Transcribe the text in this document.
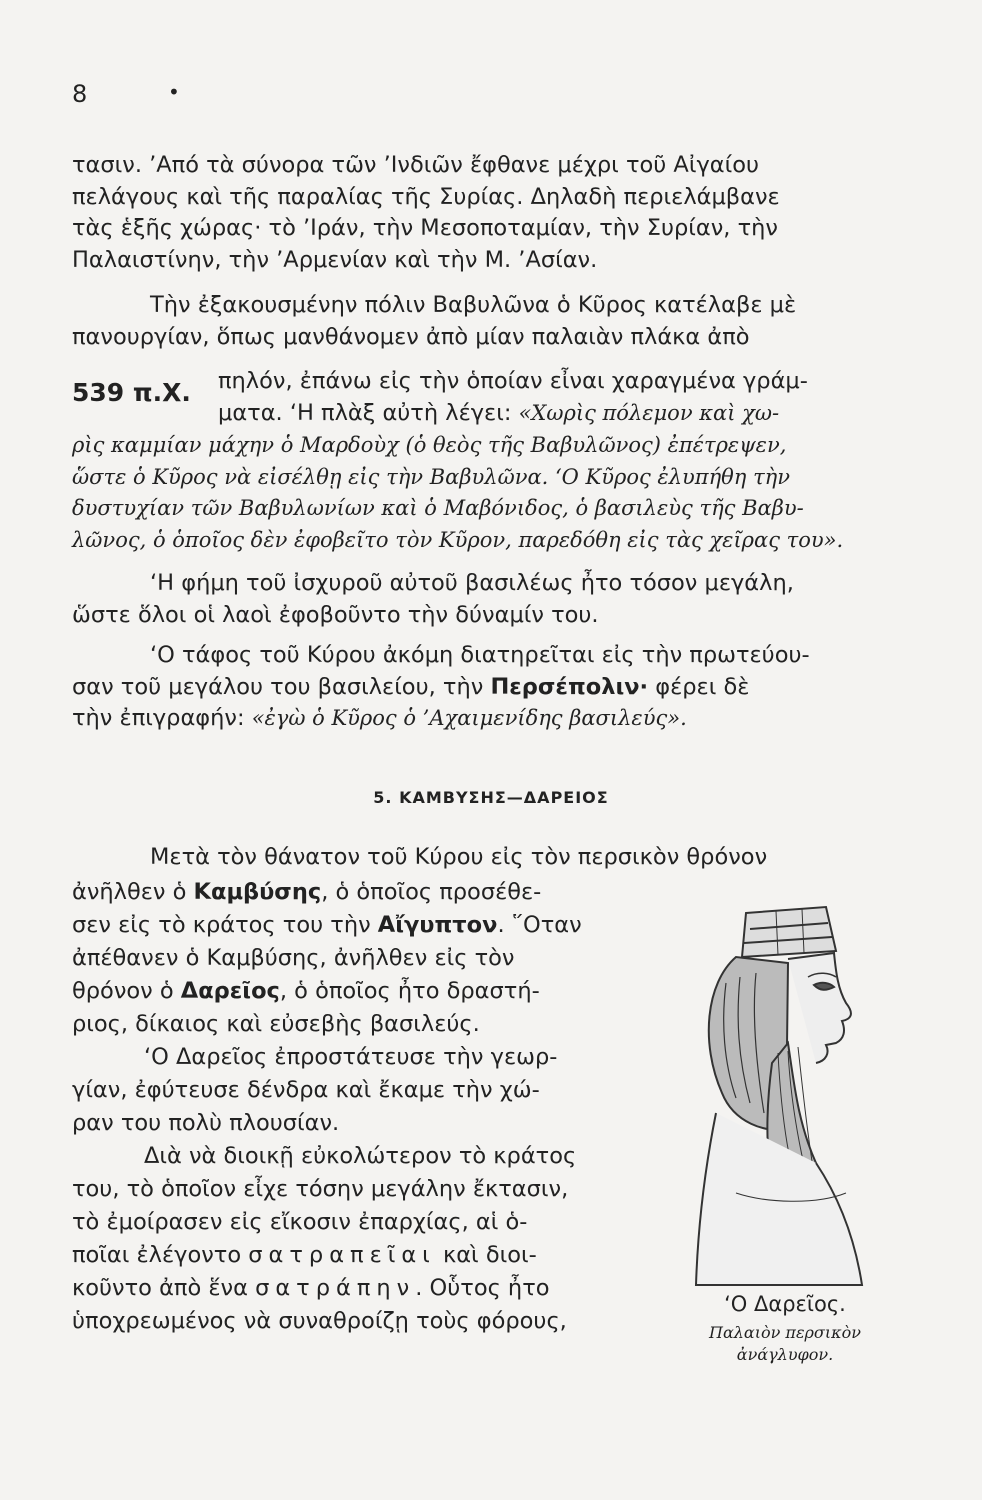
8	•
τασιν. ’Από τὰ σύνορα τῶν ’Ινδιῶν ἔφθανε μέχρι τοῦ Αἰγαίου
πελάγους καὶ τῆς παραλίας τῆς Συρίας. Δηλαδὴ περιελάμβανε
τὰς ἑξῆς χώρας· τὸ ’Ιράν, τὴν Μεσοποταμίαν, τὴν Συρίαν, τὴν
Παλαιστίνην, τὴν ’Αρμενίαν καὶ τὴν Μ. ’Ασίαν.
Τὴν ἐξακουσμένην πόλιν Βαβυλῶνα ὁ Κῦρος κατέλαβε μὲ
πανουργίαν, ὅπως μανθάνομεν ἀπὸ μίαν παλαιὰν πλάκα ἀπὸ
539 π.Χ. πηλόν, ἐπάνω εἰς τὴν ὁποίαν εἶναι χαραγμένα γράμ-
ματα. ‘Η πλὰξ αὐτὴ λέγει: «Χωρὶς πόλεμον καὶ χω-
ρὶς καμμίαν μάχην ὁ Μαρδοὺχ (ὁ θεὸς τῆς Βαβυλῶνος) ἐπέτρεψεν,
ὥστε ὁ Κῦρος νὰ εἰσέλθῃ εἰς τὴν Βαβυλῶνα. ‘Ο Κῦρος ἐλυπήθη τὴν
δυστυχίαν τῶν Βαβυλωνίων καὶ ὁ Μαβόνιδος, ὁ βασιλεὺς τῆς Βαβυ-
λῶνος, ὁ ὁποῖος δὲν ἐφοβεῖτο τὸν Κῦρον, παρεδόθη εἰς τὰς χεῖρας του».
‘Η φήμη τοῦ ἰσχυροῦ αὐτοῦ βασιλέως ἦτο τόσον μεγάλη,
ὥστε ὅλοι οἱ λαοὶ ἐφοβοῦντο τὴν δύναμίν του.
‘Ο τάφος τοῦ Κύρου ἀκόμη διατηρεῖται εἰς τὴν πρωτεύου-
σαν τοῦ μεγάλου του βασιλείου, τὴν Περσέπολιν· φέρει δὲ
τὴν ἐπιγραφήν: «ἐγὼ ὁ Κῦρος ὁ ’Αχαιμενίδης βασιλεύς».
5. ΚΑΜΒΥΣΗΣ—ΔΑΡΕΙΟΣ
Μετὰ τὸν θάνατον τοῦ Κύρου εἰς τὸν περσικὸν θρόνον
ἀνῆλθεν ὁ Καμβύσης, ὁ ὁποῖος προσέθε-
σεν εἰς τὸ κράτος του τὴν Αἴγυπτον. ῞Οταν
ἀπέθανεν ὁ Καμβύσης, ἀνῆλθεν εἰς τὸν
θρόνον ὁ Δαρεῖος, ὁ ὁποῖος ἦτο δραστή-
ριος, δίκαιος καὶ εὐσεβὴς βασιλεύς.
‘Ο Δαρεῖος ἐπροστάτευσε τὴν γεωρ-
γίαν, ἐφύτευσε δένδρα καὶ ἔκαμε τὴν χώ-
ραν του πολὺ πλουσίαν.
Διὰ νὰ διοικῇ εὐκολώτερον τὸ κράτος
του, τὸ ὁποῖον εἶχε τόσην μεγάλην ἔκτασιν,
τὸ ἐμοίρασεν εἰς εἴκοσιν ἐπαρχίας, αἱ ὁ-
ποῖαι ἐλέγοντο σατραπεῖαι καὶ διοι-
κοῦντο ἀπὸ ἕνα σατράπην. Οὗτος ἦτο
ὑποχρεωμένος νὰ συναθροίζῃ τοὺς φόρους,
‘Ο Δαρεῖος.
Παλαιὸν περσικὸν
ἀνάγλυφον.
